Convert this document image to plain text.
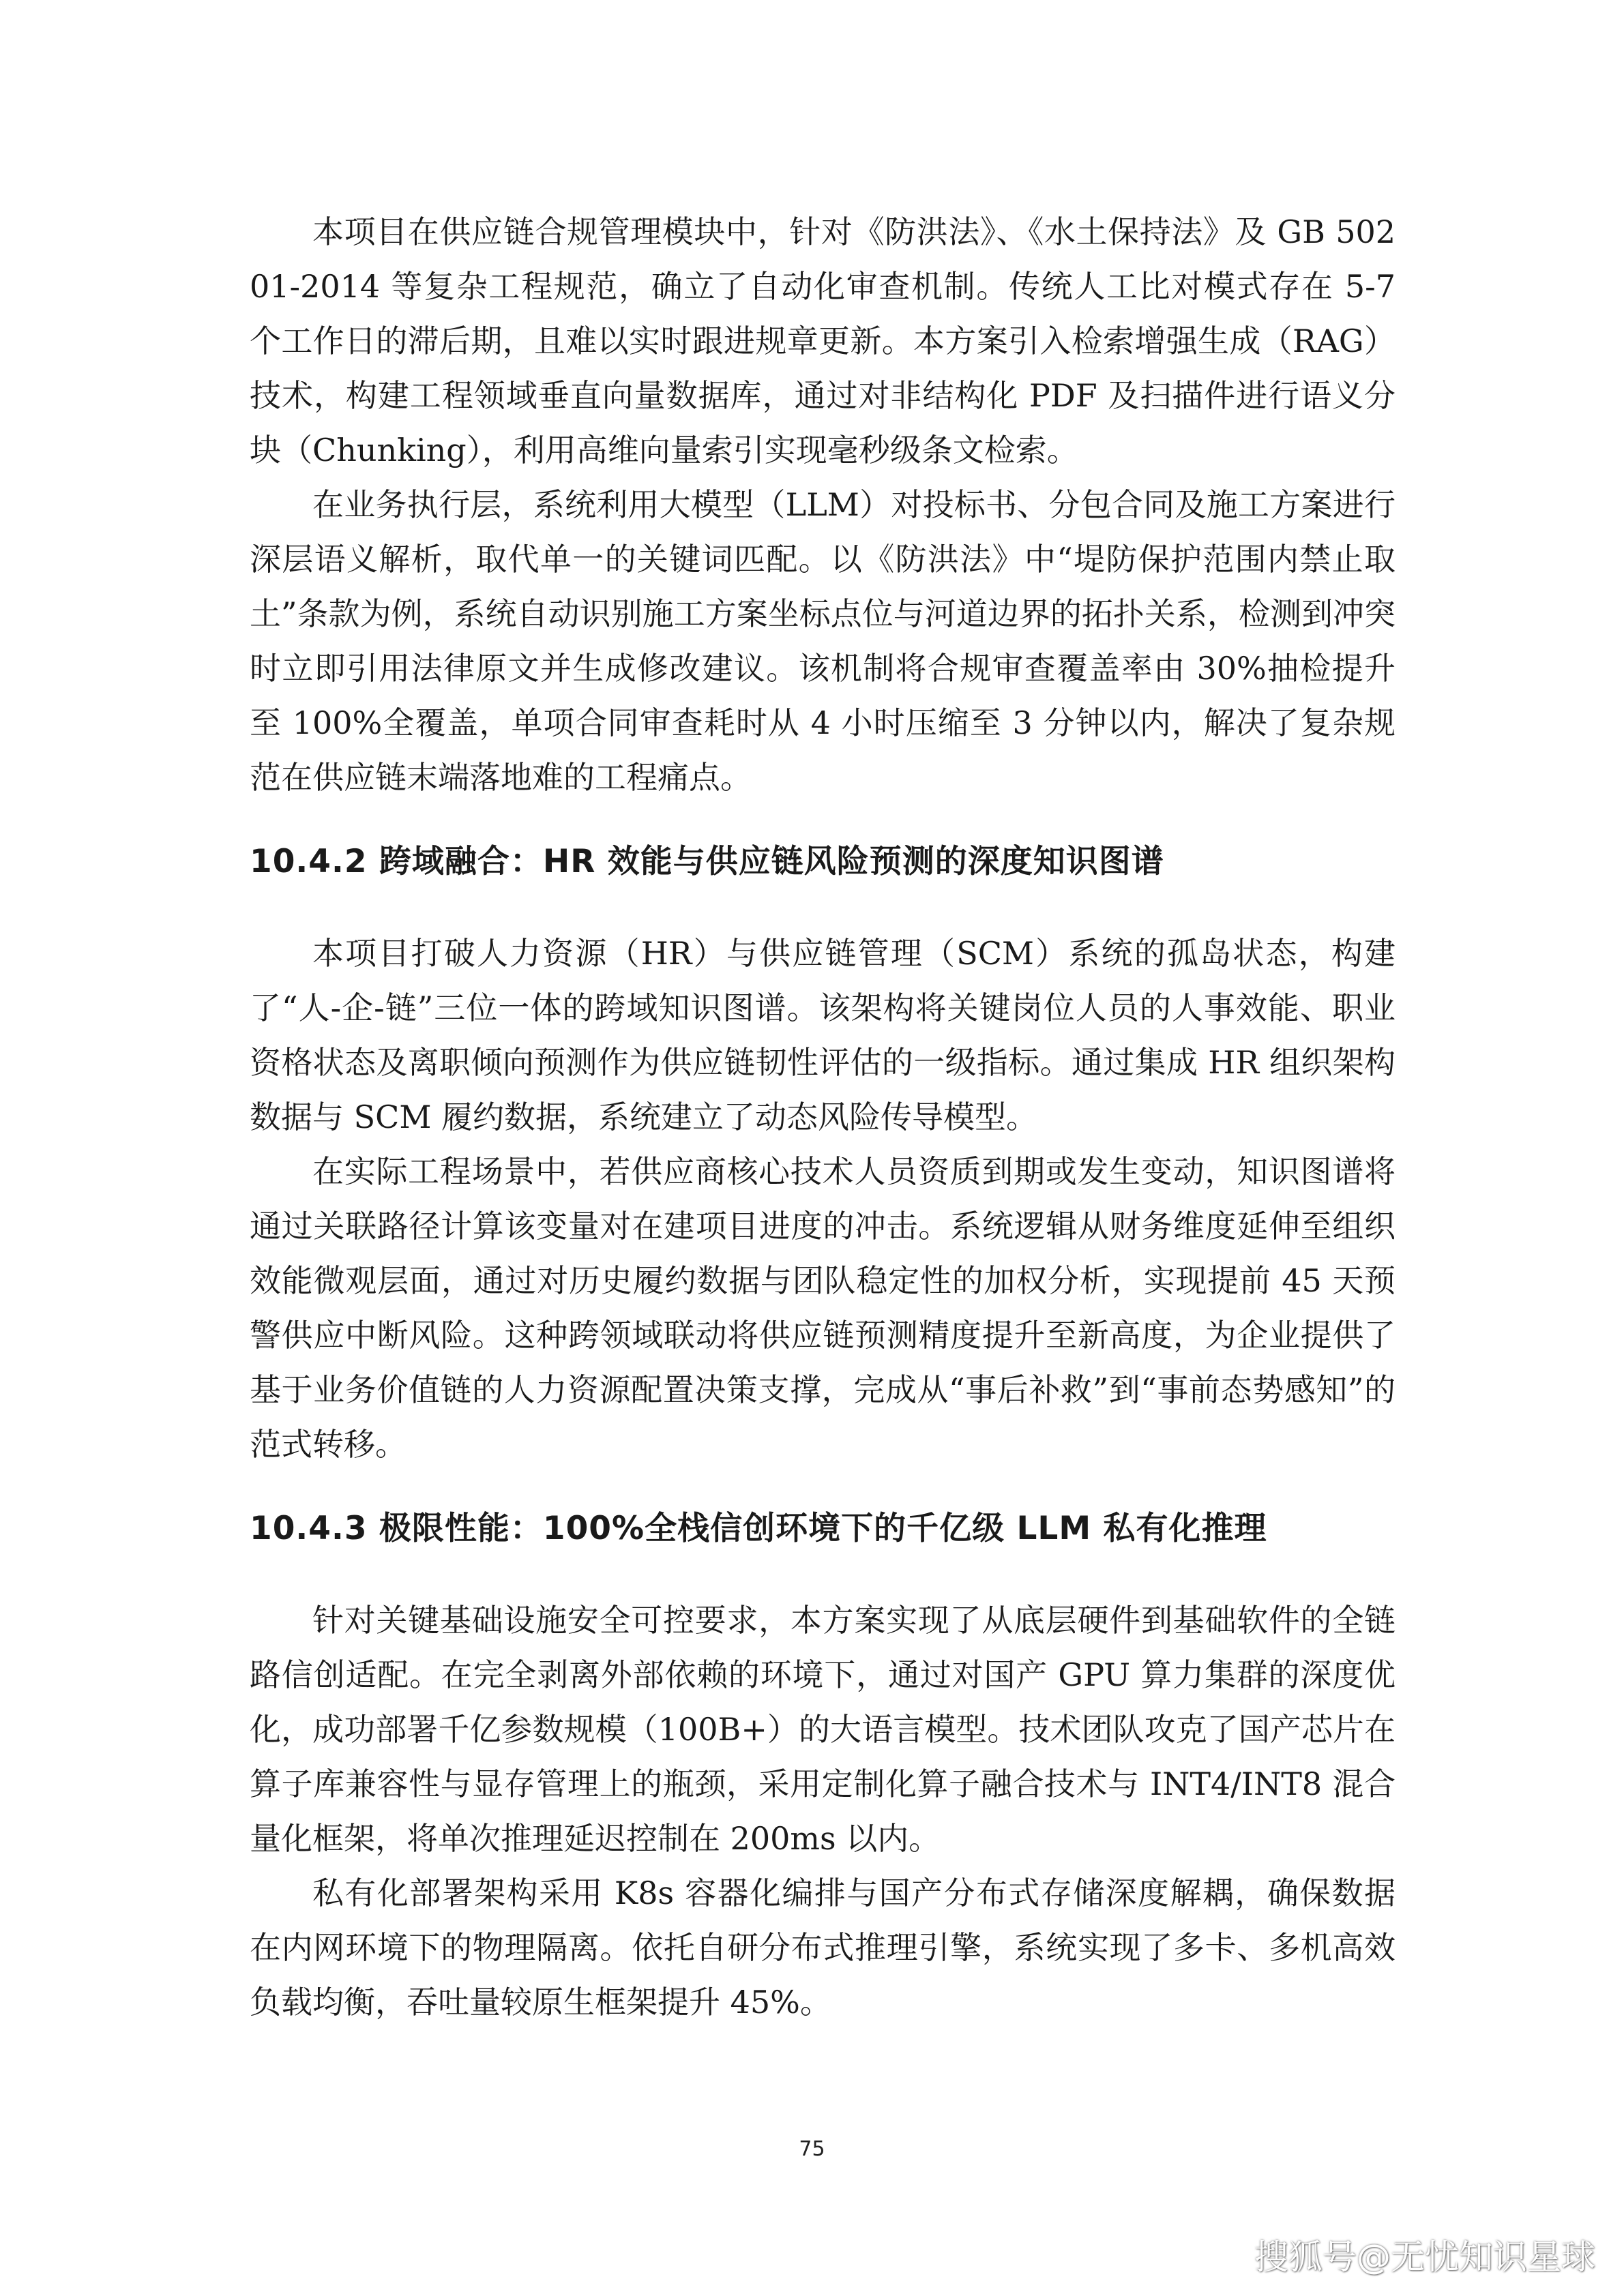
本项目在供应链合规管理模块中，针对《防洪法》、《水土保持法》及 GB 50201-2014 等复杂工程规范，确立了自动化审查机制。传统人工比对模式存在 5-7 个工作日的滞后期，且难以实时跟进规章更新。本方案引入检索增强生成（RAG）技术，构建工程领域垂直向量数据库，通过对非结构化 PDF 及扫描件进行语义分块（Chunking），利用高维向量索引实现毫秒级条文检索。

在业务执行层，系统利用大模型（LLM）对投标书、分包合同及施工方案进行深层语义解析，取代单一的关键词匹配。以《防洪法》中“堤防保护范围内禁止取土”条款为例，系统自动识别施工方案坐标点位与河道边界的拓扑关系，检测到冲突时立即引用法律原文并生成修改建议。该机制将合规审查覆盖率由 30%抽检提升至 100%全覆盖，单项合同审查耗时从 4 小时压缩至 3 分钟以内，解决了复杂规范在供应链末端落地难的工程痛点。

10.4.2 跨域融合：HR 效能与供应链风险预测的深度知识图谱

本项目打破人力资源（HR）与供应链管理（SCM）系统的孤岛状态，构建了“人-企-链”三位一体的跨域知识图谱。该架构将关键岗位人员的人事效能、职业资格状态及离职倾向预测作为供应链韧性评估的一级指标。通过集成 HR 组织架构数据与 SCM 履约数据，系统建立了动态风险传导模型。

在实际工程场景中，若供应商核心技术人员资质到期或发生变动，知识图谱将通过关联路径计算该变量对在建项目进度的冲击。系统逻辑从财务维度延伸至组织效能微观层面，通过对历史履约数据与团队稳定性的加权分析，实现提前 45 天预警供应中断风险。这种跨领域联动将供应链预测精度提升至新高度，为企业提供了基于业务价值链的人力资源配置决策支撑，完成从“事后补救”到“事前态势感知”的范式转移。

10.4.3 极限性能：100%全栈信创环境下的千亿级 LLM 私有化推理

针对关键基础设施安全可控要求，本方案实现了从底层硬件到基础软件的全链路信创适配。在完全剥离外部依赖的环境下，通过对国产 GPU 算力集群的深度优化，成功部署千亿参数规模（100B+）的大语言模型。技术团队攻克了国产芯片在算子库兼容性与显存管理上的瓶颈，采用定制化算子融合技术与 INT4/INT8 混合量化框架，将单次推理延迟控制在 200ms 以内。

私有化部署架构采用 K8s 容器化编排与国产分布式存储深度解耦，确保数据在内网环境下的物理隔离。依托自研分布式推理引擎，系统实现了多卡、多机高效负载均衡，吞吐量较原生框架提升 45%。

75
搜狐号@无忧知识星球
